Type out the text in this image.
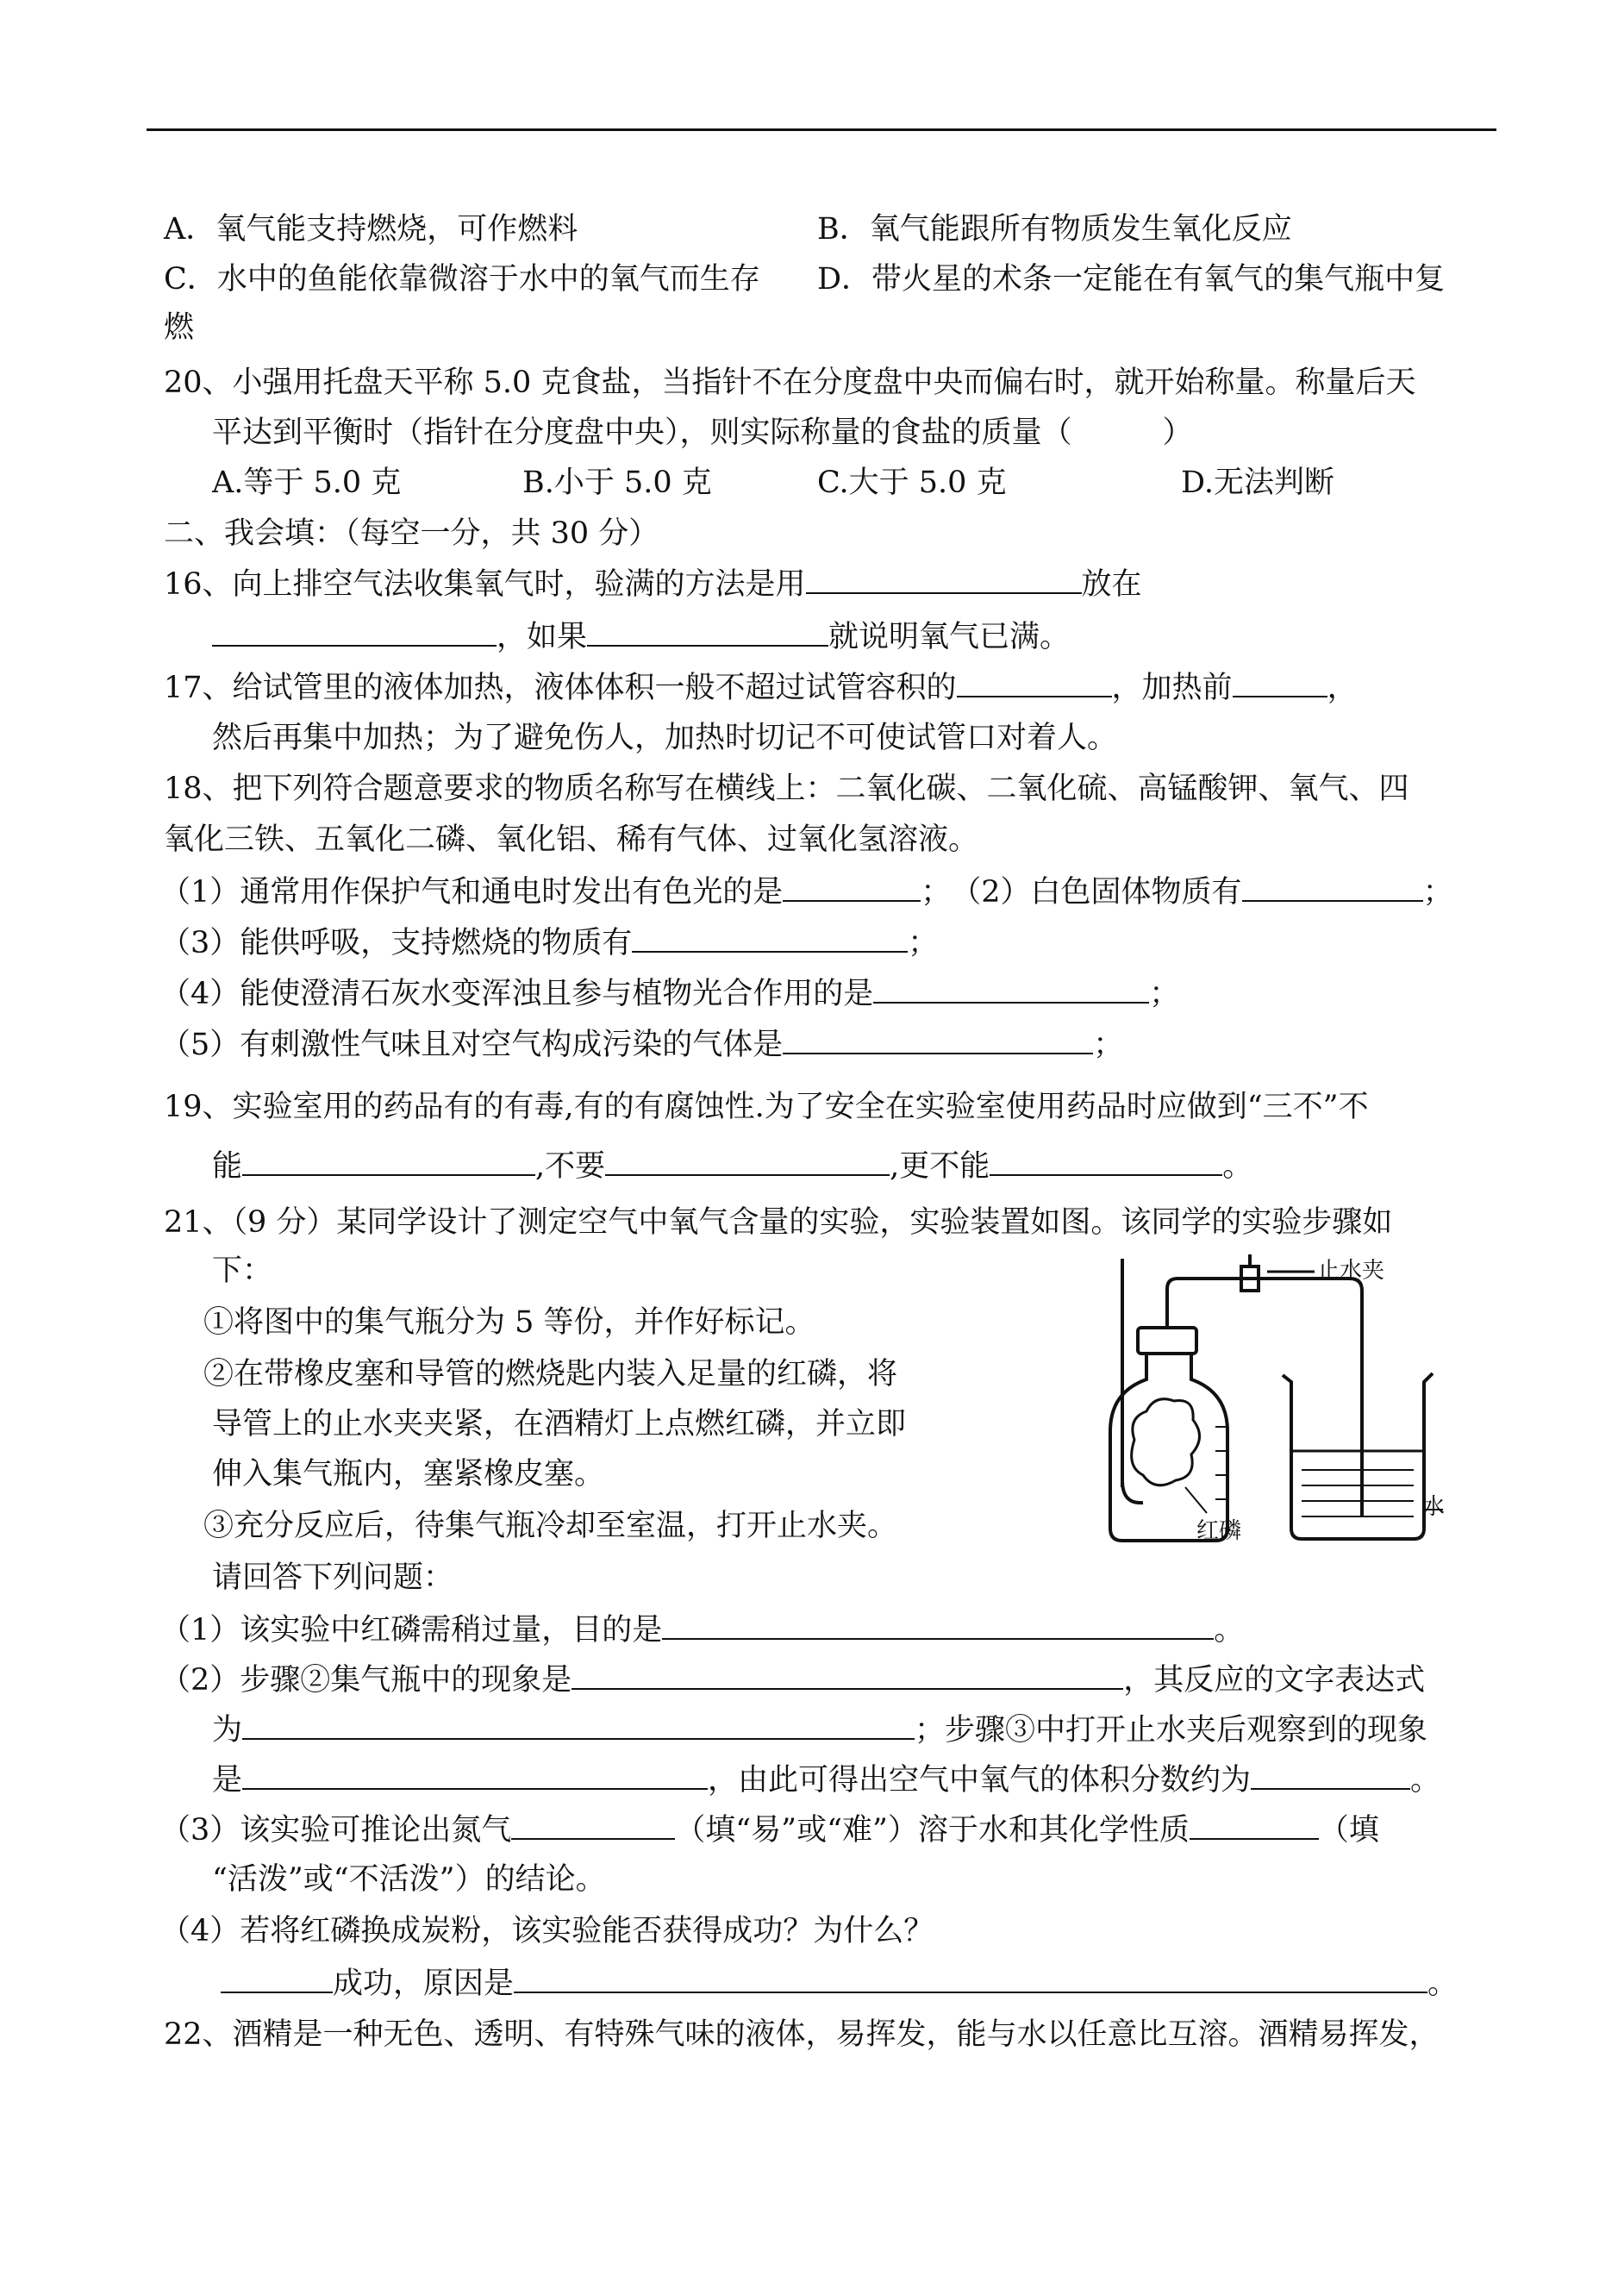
A．氧气能支持燃烧，可作燃料	B．氧气能跟所有物质发生氧化反应
C．水中的鱼能依靠微溶于水中的氧气而生存 D．带火星的术条一定能在有氧气的集气瓶中复
燃
20、小强用托盘天平称 5.0 克食盐，当指针不在分度盘中央而偏右时，就开始称量。称量后天
平达到平衡时（指针在分度盘中央），则实际称量的食盐的质量（　　　）
A.等于 5.0 克	B.小于 5.0 克	C.大于 5.0 克	D.无法判断
二、我会填：（每空一分，共 30 分）
16、向上排空气法收集氧气时，验满的方法是用	放在
，如果	就说明氧气已满。
17、给试管里的液体加热，液体体积一般不超过试管容积的	，加热前	，
然后再集中加热；为了避免伤人，加热时切记不可使试管口对着人。
18、把下列符合题意要求的物质名称写在横线上：二氧化碳、二氧化硫、高锰酸钾、氧气、四
氧化三铁、五氧化二磷、氧化铝、稀有气体、过氧化氢溶液。
（1）通常用作保护气和通电时发出有色光的是	；　（2）白色固体物质有	；
（3）能供呼吸，支持燃烧的物质有	；
（4）能使澄清石灰水变浑浊且参与植物光合作用的是	；
（5）有刺激性气味且对空气构成污染的气体是	；
19、实验室用的药品有的有毒,有的有腐蚀性.为了安全在实验室使用药品时应做到“三不”不
能	,不要	,更不能	。
21、（9 分）某同学设计了测定空气中氧气含量的实验，实验装置如图。该同学的实验步骤如
下：
①将图中的集气瓶分为 5 等份，并作好标记。
②在带橡皮塞和导管的燃烧匙内装入足量的红磷，将
导管上的止水夹夹紧，在酒精灯上点燃红磷，并立即
伸入集气瓶内，塞紧橡皮塞。
③充分反应后，待集气瓶冷却至室温，打开止水夹。
请回答下列问题：
止水夹
水
红磷
（1）该实验中红磷需稍过量，目的是	。
（2）步骤②集气瓶中的现象是	，其反应的文字表达式
为	；步骤③中打开止水夹后观察到的现象
是	，由此可得出空气中氧气的体积分数约为	。
（3）该实验可推论出氮气	（填“易”或“难”）溶于水和其化学性质	（填
“活泼”或“不活泼”）的结论。
（4）若将红磷换成炭粉，该实验能否获得成功？为什么？
成功，原因是	。
22、酒精是一种无色、透明、有特殊气味的液体，易挥发，能与水以任意比互溶。酒精易挥发，
